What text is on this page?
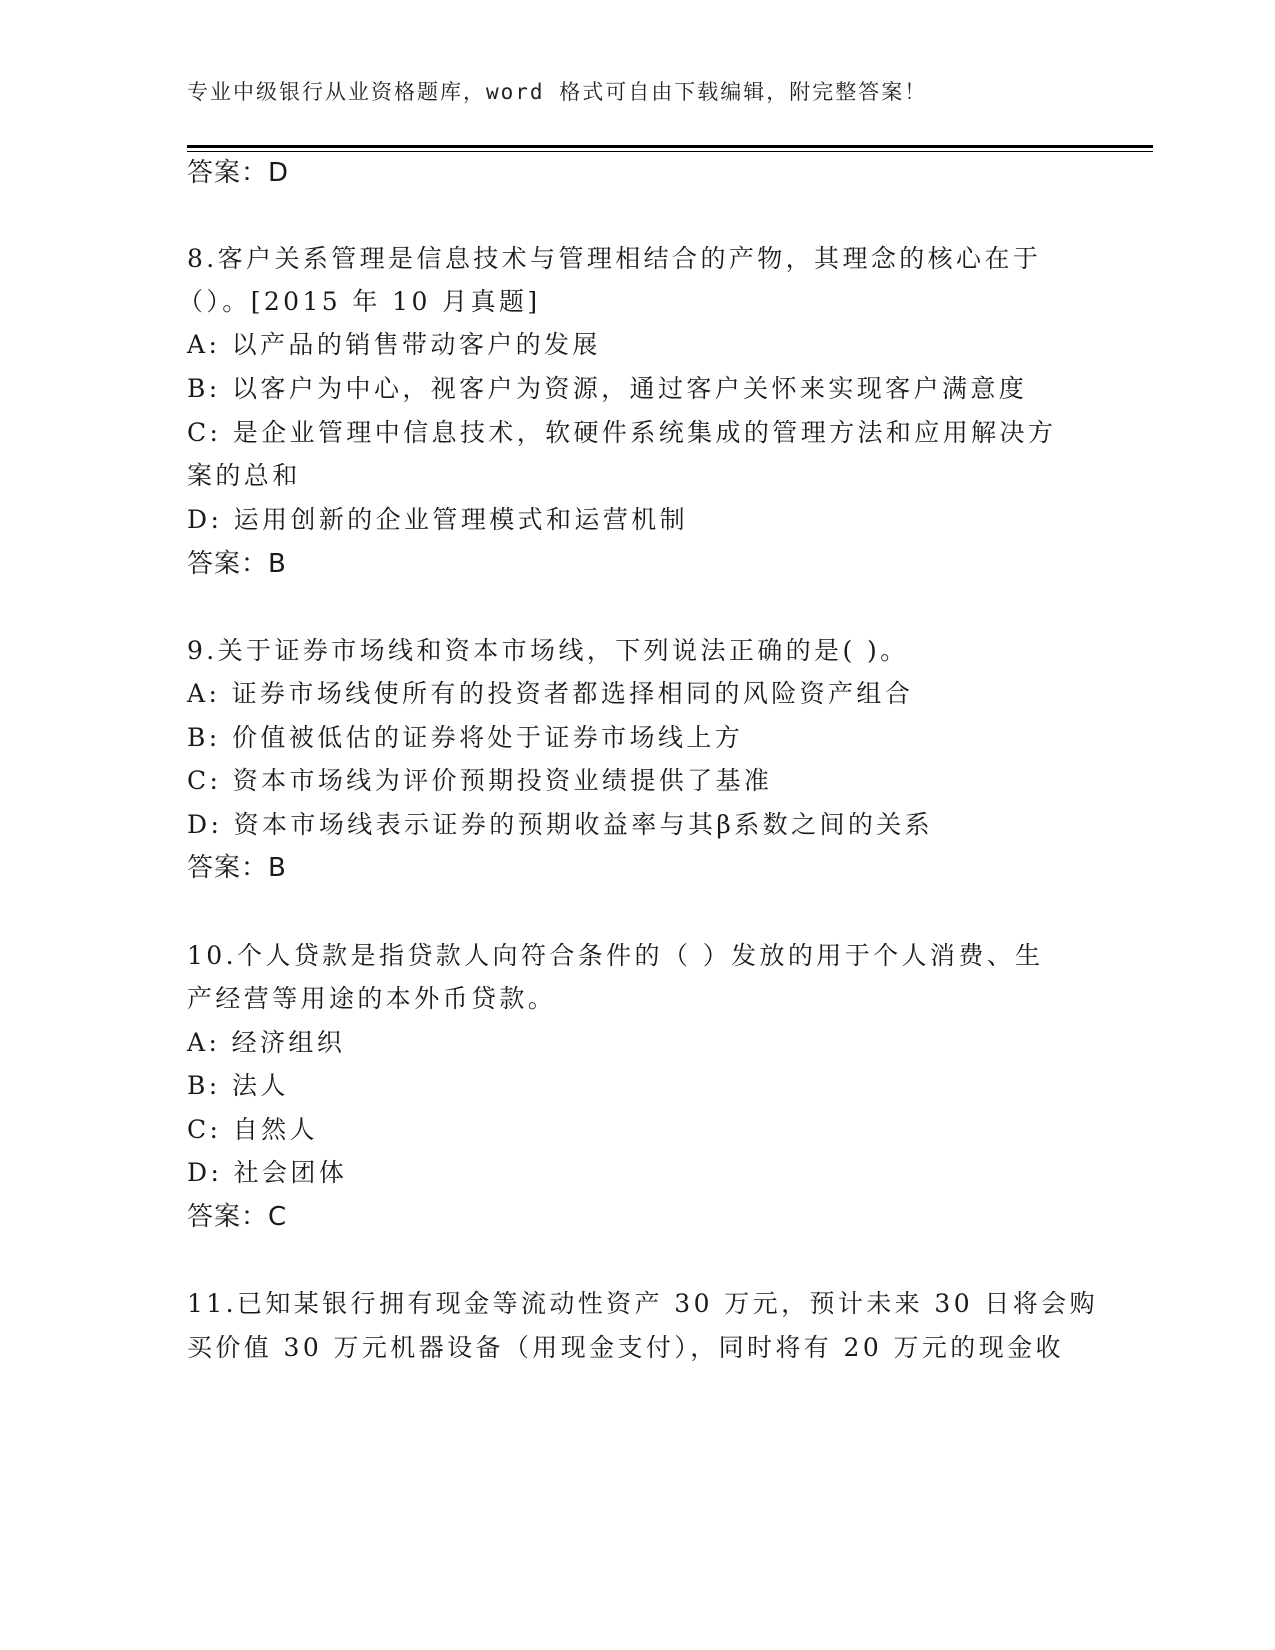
专业中级银行从业资格题库，word 格式可自由下载编辑，附完整答案！
答案：D
8.客户关系管理是信息技术与管理相结合的产物，其理念的核心在于
（）。[2015 年 10 月真题]
A: 以产品的销售带动客户的发展
B: 以客户为中心，视客户为资源，通过客户关怀来实现客户满意度
C: 是企业管理中信息技术，软硬件系统集成的管理方法和应用解决方
案的总和
D: 运用创新的企业管理模式和运营机制
答案：B
9.关于证券市场线和资本市场线，下列说法正确的是( )。
A: 证券市场线使所有的投资者都选择相同的风险资产组合
B: 价值被低估的证券将处于证券市场线上方
C: 资本市场线为评价预期投资业绩提供了基准
D: 资本市场线表示证券的预期收益率与其β系数之间的关系
答案：B
10.个人贷款是指贷款人向符合条件的（ ）发放的用于个人消费、生
产经营等用途的本外币贷款。
A: 经济组织
B: 法人
C: 自然人
D: 社会团体
答案：C
11.已知某银行拥有现金等流动性资产 30 万元，预计未来 30 日将会购
买价值 30 万元机器设备（用现金支付），同时将有 20 万元的现金收
